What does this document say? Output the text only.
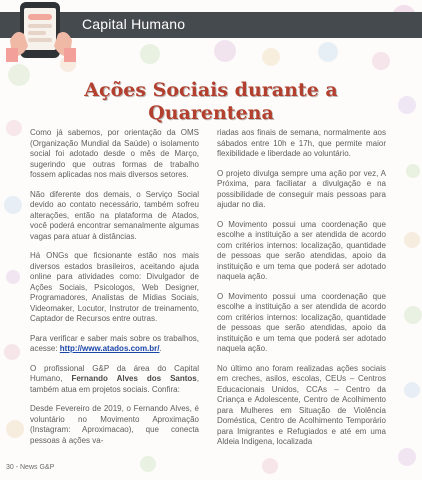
Capital Humano
Ações Sociais durante a
Quarentena

Como já sabemos, por orientação da OMS (Organização Mundial da Saúde) o isolamento social foi adotado desde o mês de Março, sugerindo que outras formas de trabalho fossem aplicadas nos mais diversos setores.

Não diferente dos demais, o Serviço Social devido ao contato necessário, também sofreu alterações, então na plataforma de Atados, você poderá encontrar semanalmente algumas vagas para atuar à distâncias.

Há ONGs que ficsionante estão nos mais diversos estados brasileiros, aceitando ajuda online para atividades como: Divulgador de Ações Sociais, Psicologos, Web Designer, Programadores, Analistas de Mídias Sociais, Videomaker, Locutor, Instrutor de treinamento, Captador de Recursos entre outras.

Para verificar e saber mais sobre os trabalhos, acesse: http://www.atados.com.br/.

O profissional G&P da área do Capital Humano, Fernando Alves dos Santos, também atua em projetos sociais. Confira:

Desde Fevereiro de 2019, o Fernando Alves, é voluntário no Movimento Aproximação (Instagram: Aproximacao), que conecta pessoas à ações va-

riadas aos finais de semana, normalmente aos sábados entre 10h e 17h, que permite maior flexibilidade e liberdade ao voluntário.

O projeto divulga sempre uma ação por vez, A Próxima, para faciliatar a divulgação e na possibilidade de conseguir mais pessoas para ajudar no dia.

O Movimento possui uma coordenação que escolhe a instituição a ser atendida de acordo com critérios internos: localização, quantidade de pessoas que serão atendidas, apoio da instituição e um tema que poderá ser adotado naquela ação.

O Movimento possui uma coordenação que escolhe a instituição a ser atendida de acordo com critérios internos: localização, quantidade de pessoas que serão atendidas, apoio da instituição e um tema que poderá ser adotado naquela ação.

No último ano foram realizadas ações sociais em creches, asilos, escolas, CEUs – Centros Educacionais Unidos, CCAs – Centro da Criança e Adolescente, Centro de Acolhimento para Mulheres em Situação de Violência Doméstica, Centro de Acolhimento Temporário para Imigrantes e Refugiados e até em uma Aldeia Indigena, localizada

30 - News G&P
